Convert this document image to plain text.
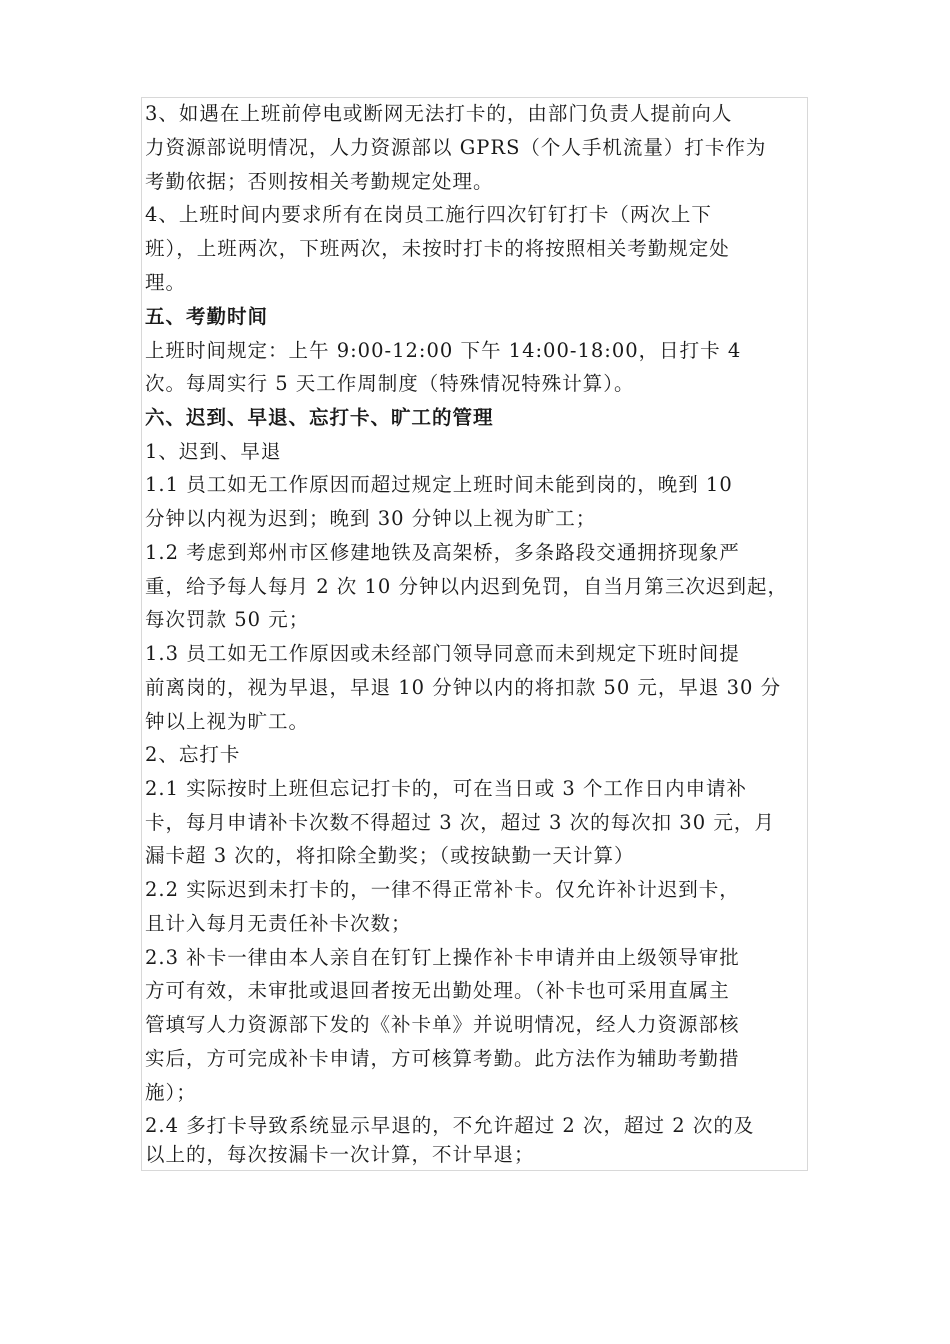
3、如遇在上班前停电或断网无法打卡的，由部门负责人提前向人
力资源部说明情况，人力资源部以 GPRS（个人手机流量）打卡作为
考勤依据；否则按相关考勤规定处理。
4、上班时间内要求所有在岗员工施行四次钉钉打卡（两次上下
班），上班两次，下班两次，未按时打卡的将按照相关考勤规定处
理。
五、考勤时间
上班时间规定：上午 9:00-12:00 下午 14:00-18:00，日打卡 4
次。每周实行 5 天工作周制度（特殊情况特殊计算）。
六、迟到、早退、忘打卡、旷工的管理
1、迟到、早退
1.1 员工如无工作原因而超过规定上班时间未能到岗的，晚到 10
分钟以内视为迟到；晚到 30 分钟以上视为旷工；
1.2 考虑到郑州市区修建地铁及高架桥，多条路段交通拥挤现象严
重，给予每人每月 2 次 10 分钟以内迟到免罚，自当月第三次迟到起，
每次罚款 50 元；
1.3 员工如无工作原因或未经部门领导同意而未到规定下班时间提
前离岗的，视为早退，早退 10 分钟以内的将扣款 50 元，早退 30 分
钟以上视为旷工。
2、忘打卡
2.1 实际按时上班但忘记打卡的，可在当日或 3 个工作日内申请补
卡，每月申请补卡次数不得超过 3 次，超过 3 次的每次扣 30 元，月
漏卡超 3 次的，将扣除全勤奖；（或按缺勤一天计算）
2.2 实际迟到未打卡的，一律不得正常补卡。仅允许补计迟到卡，
且计入每月无责任补卡次数；
2.3 补卡一律由本人亲自在钉钉上操作补卡申请并由上级领导审批
方可有效，未审批或退回者按无出勤处理。（补卡也可采用直属主
管填写人力资源部下发的《补卡单》并说明情况，经人力资源部核
实后，方可完成补卡申请，方可核算考勤。此方法作为辅助考勤措
施）；
2.4 多打卡导致系统显示早退的，不允许超过 2 次，超过 2 次的及
以上的，每次按漏卡一次计算，不计早退；
